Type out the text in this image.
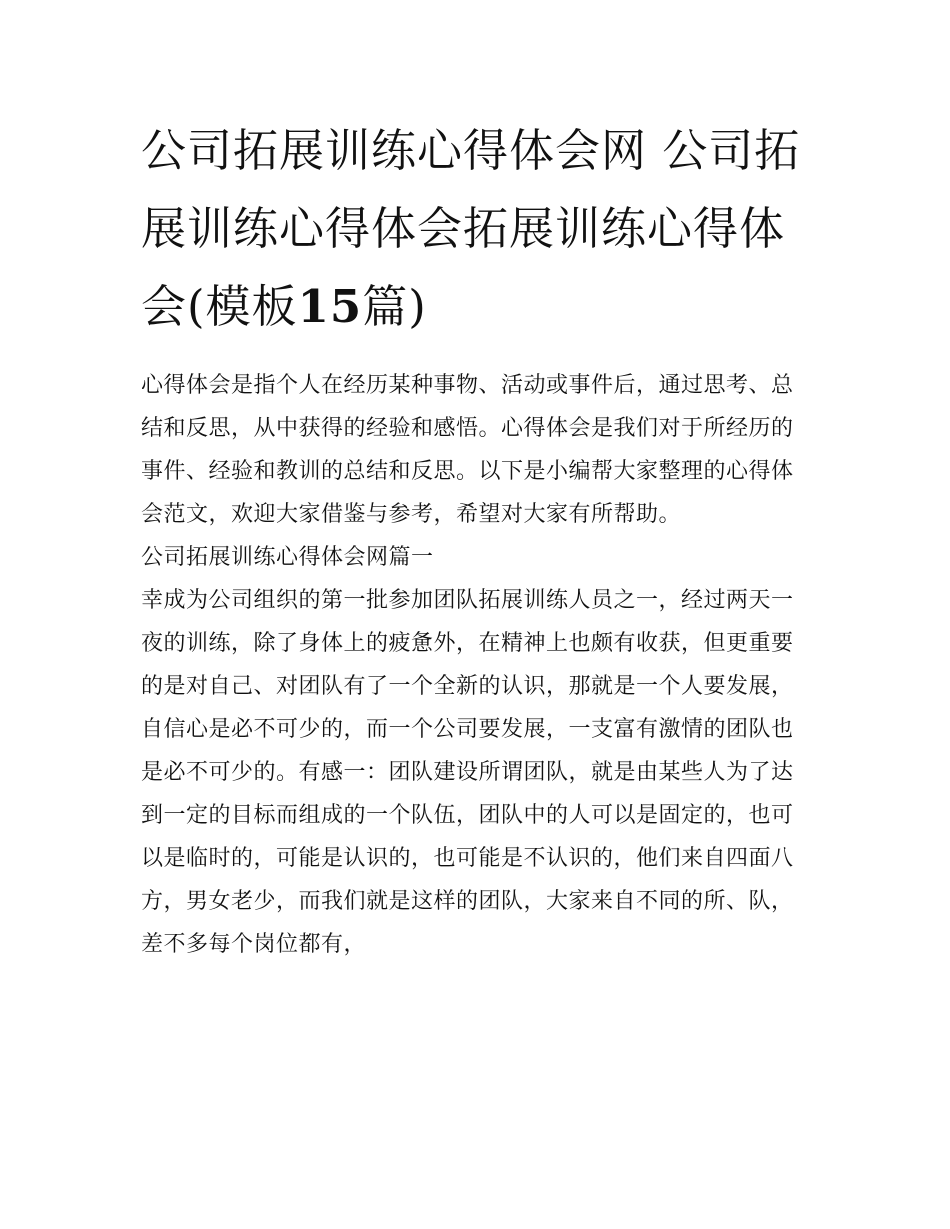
公司拓展训练心得体会网 公司拓展训练心得体会拓展训练心得体会(模板15篇)

心得体会是指个人在经历某种事物、活动或事件后，通过思考、总结和反思，从中获得的经验和感悟。心得体会是我们对于所经历的事件、经验和教训的总结和反思。以下是小编帮大家整理的心得体会范文，欢迎大家借鉴与参考，希望对大家有所帮助。

公司拓展训练心得体会网篇一

幸成为公司组织的第一批参加团队拓展训练人员之一，经过两天一夜的训练，除了身体上的疲惫外，在精神上也颇有收获，但更重要的是对自己、对团队有了一个全新的认识，那就是一个人要发展，自信心是必不可少的，而一个公司要发展，一支富有激情的团队也是必不可少的。有感一：团队建设所谓团队，就是由某些人为了达到一定的目标而组成的一个队伍，团队中的人可以是固定的，也可以是临时的，可能是认识的，也可能是不认识的，他们来自四面八方，男女老少，而我们就是这样的团队，大家来自不同的所、队，差不多每个岗位都有，
